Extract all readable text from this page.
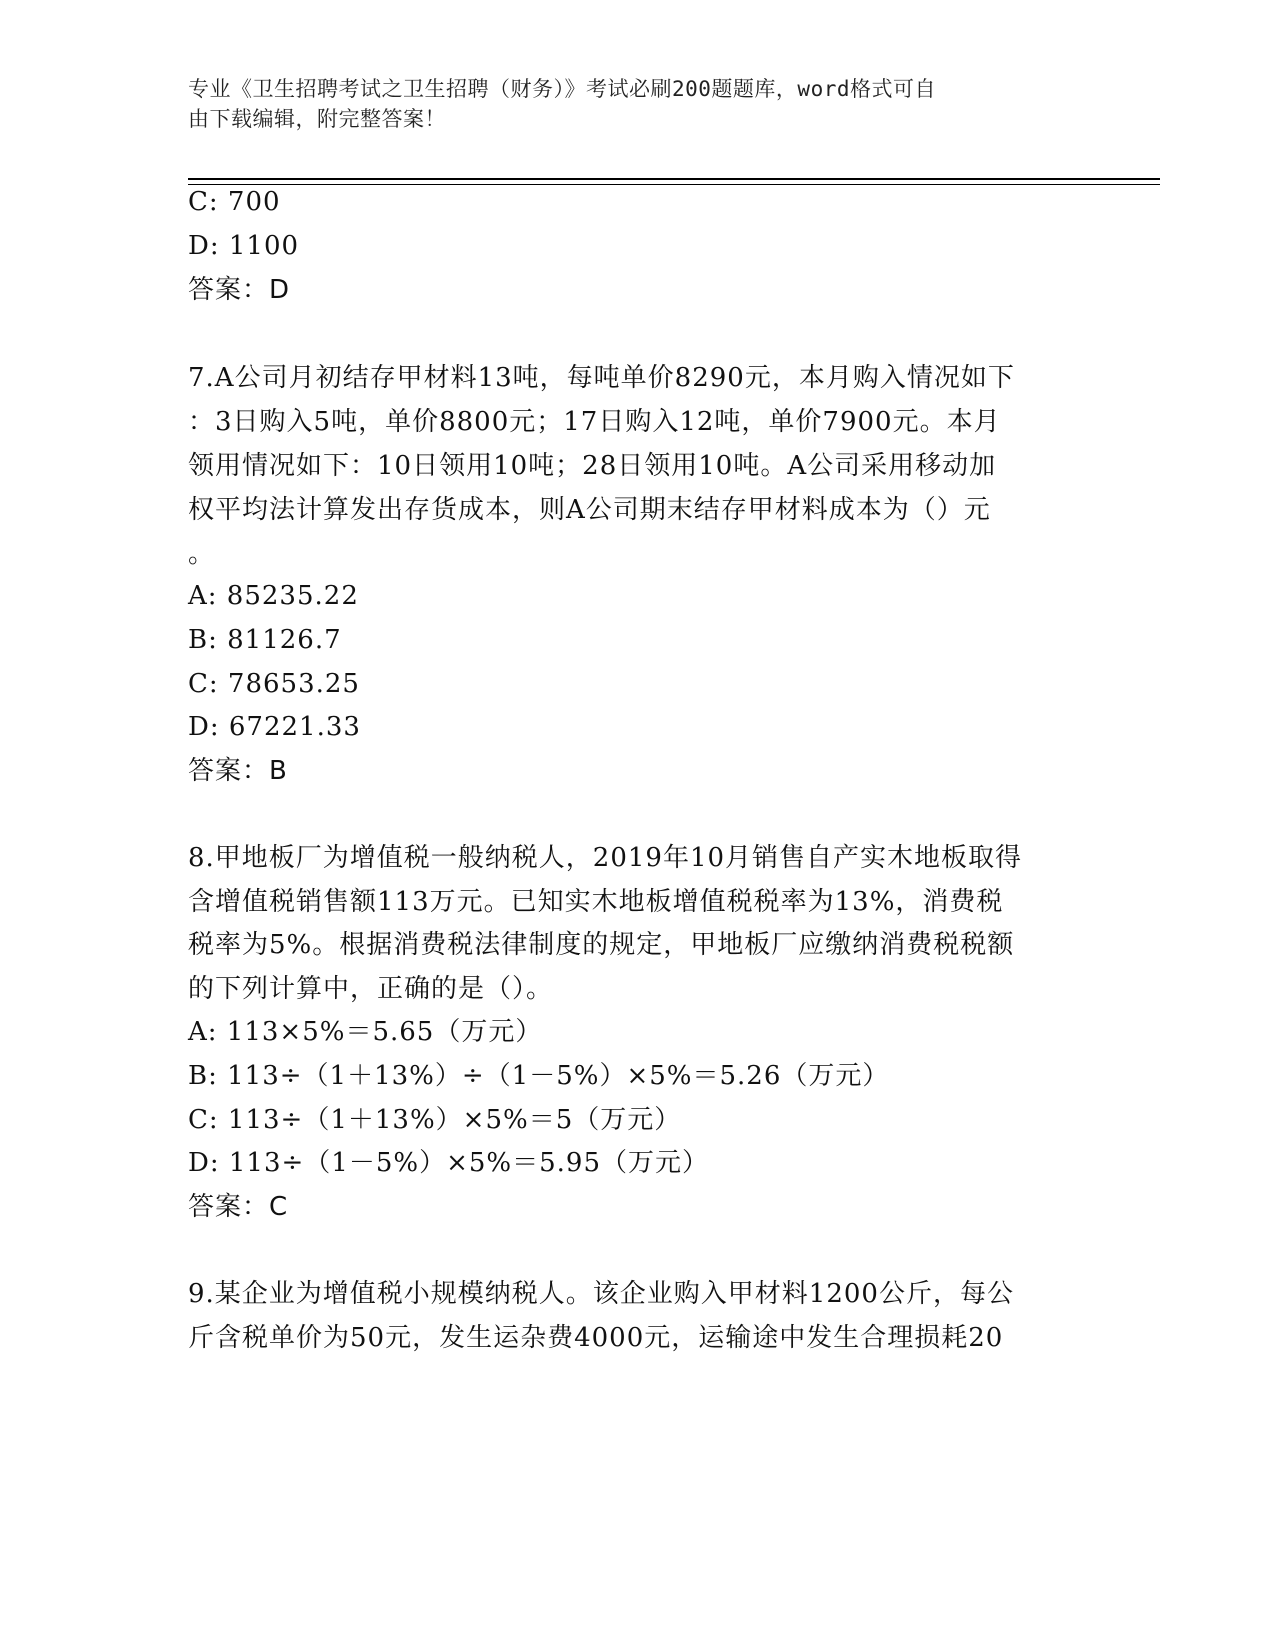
专业《卫生招聘考试之卫生招聘（财务）》考试必刷200题题库，word格式可自
由下载编辑，附完整答案！
C: 700
D: 1100
答案：D
7.A公司月初结存甲材料13吨，每吨单价8290元，本月购入情况如下
：3日购入5吨，单价8800元；17日购入12吨，单价7900元。本月
领用情况如下：10日领用10吨；28日领用10吨。A公司采用移动加
权平均法计算发出存货成本，则A公司期末结存甲材料成本为（）元
。
A: 85235.22
B: 81126.7
C: 78653.25
D: 67221.33
答案：B
8.甲地板厂为增值税一般纳税人，2019年10月销售自产实木地板取得
含增值税销售额113万元。已知实木地板增值税税率为13%，消费税
税率为5%。根据消费税法律制度的规定，甲地板厂应缴纳消费税税额
的下列计算中，正确的是（）。
A: 113×5%＝5.65（万元）
B: 113÷（1＋13%）÷（1－5%）×5%＝5.26（万元）
C: 113÷（1＋13%）×5%＝5（万元）
D: 113÷（1－5%）×5%＝5.95（万元）
答案：C
9.某企业为增值税小规模纳税人。该企业购入甲材料1200公斤，每公
斤含税单价为50元，发生运杂费4000元，运输途中发生合理损耗20
